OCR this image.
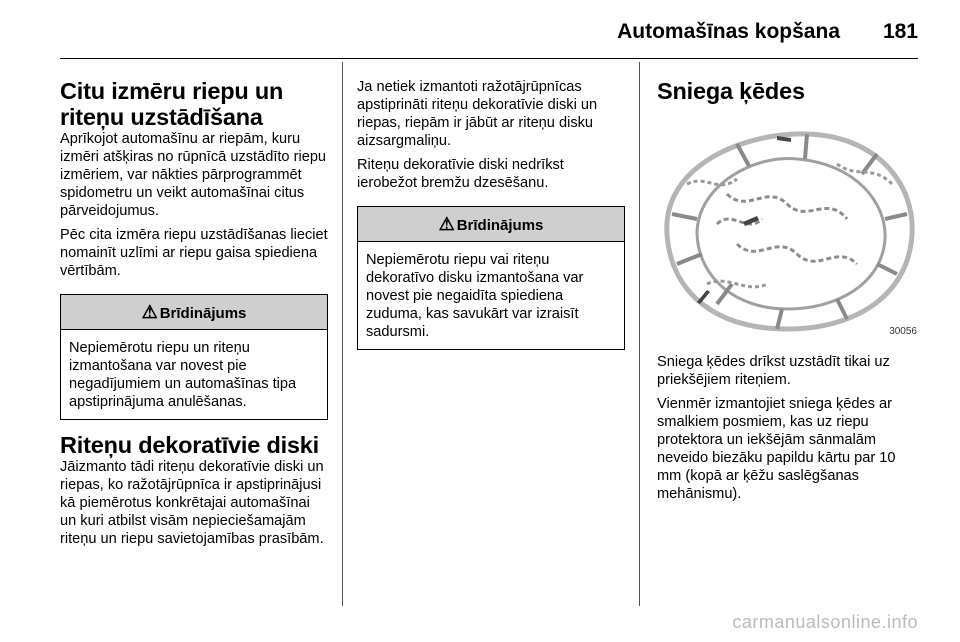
Automašīnas kopšana 181
Citu izmēru riepu un riteņu uzstādīšana

Aprīkojot automašīnu ar riepām, kuru izmēri atšķiras no rūpnīcā uzstādīto riepu izmēriem, var nākties pārprogrammēt spidometru un veikt automašīnai citus pārveidojumus.

Pēc cita izmēra riepu uzstādīšanas lieciet nomainīt uzlīmi ar riepu gaisa spiediena vērtībām.

⚠ Brīdinājums

Nepiemērotu riepu un riteņu izmantošana var novest pie negadījumiem un automašīnas tipa apstiprinājuma anulēšanas.

Riteņu dekoratīvie diski

Jāizmanto tādi riteņu dekoratīvie diski un riepas, ko ražotājrūpnīca ir apstiprinājusi kā piemērotus konkrētajai automašīnai un kuri atbilst visām nepieciešamajām riteņu un riepu savietojamības prasībām.

Ja netiek izmantoti ražotājrūpnīcas apstiprināti riteņu dekoratīvie diski un riepas, riepām ir jābūt ar riteņu disku aizsargmaliņu.

Riteņu dekoratīvie diski nedrīkst ierobežot bremžu dzesēšanu.

⚠ Brīdinājums

Nepiemērotu riepu vai riteņu dekoratīvo disku izmantošana var novest pie negaidīta spiediena zuduma, kas savukārt var izraisīt sadursmi.

Sniega ķēdes
30056

Sniega ķēdes drīkst uzstādīt tikai uz priekšējiem riteņiem.

Vienmēr izmantojiet sniega ķēdes ar smalkiem posmiem, kas uz riepu protektora un iekšējām sānmalām neveido biezāku papildu kārtu par 10 mm (kopā ar ķēžu saslēgšanas mehānismu).

carmanualsonline.info
